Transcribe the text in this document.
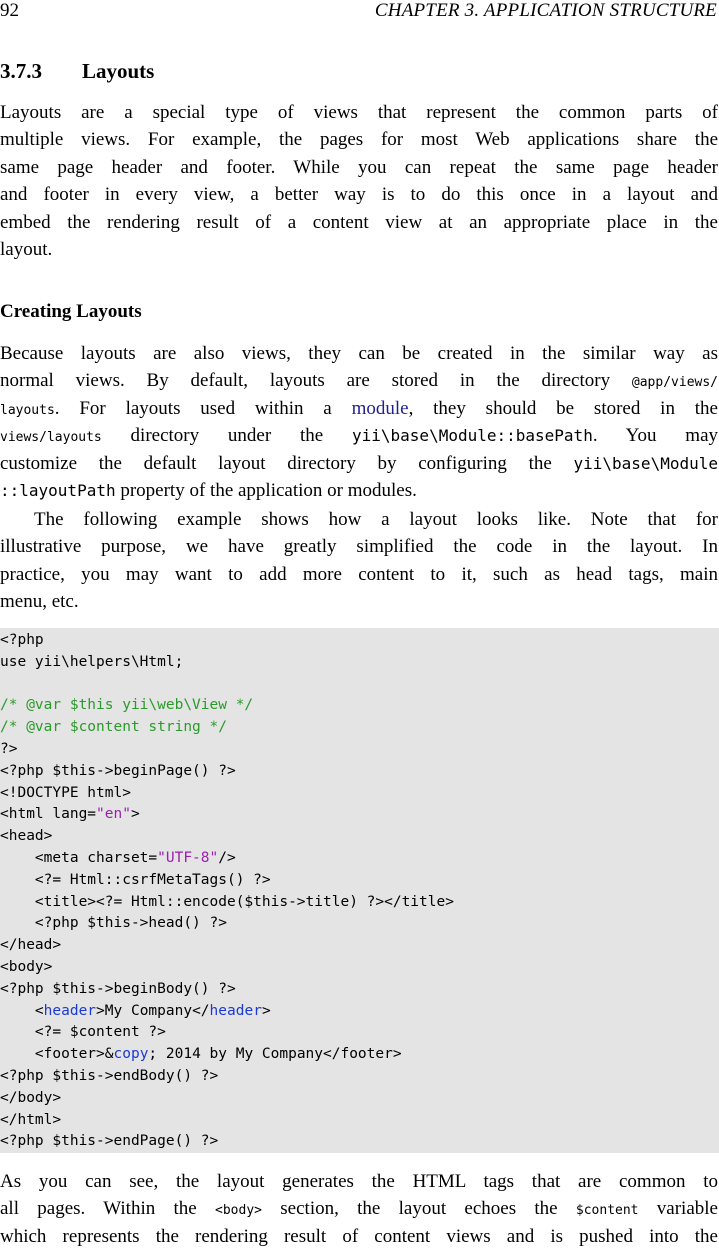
92	CHAPTER 3. APPLICATION STRUCTURE
3.7.3 Layouts
Layouts are a special type of views that represent the common parts of
multiple views. For example, the pages for most Web applications share the
same page header and footer. While you can repeat the same page header
and footer in every view, a better way is to do this once in a layout and
embed the rendering result of a content view at an appropriate place in the
layout.
Creating Layouts
Because layouts are also views, they can be created in the similar way as
normal views. By default, layouts are stored in the directory @app/views/
layouts. For layouts used within a module, they should be stored in the
views/layouts directory under the yii\base\Module::basePath. You may
customize the default layout directory by configuring the yii\base\Module
::layoutPath property of the application or modules.
The following example shows how a layout looks like. Note that for
illustrative purpose, we have greatly simplified the code in the layout. In
practice, you may want to add more content to it, such as head tags, main
menu, etc.
<?php
use yii\helpers\Html;
/* @var $this yii\web\View */
/* @var $content string */
?>
<?php $this->beginPage() ?>
<!DOCTYPE html>
<html lang="en">
<head>
<meta charset="UTF-8"/>
<?= Html::csrfMetaTags() ?>
<title><?= Html::encode($this->title) ?></title>
<?php $this->head() ?>
</head>
<body>
<?php $this->beginBody() ?>
<header>My Company</header>
<?= $content ?>
<footer>&copy; 2014 by My Company</footer>
<?php $this->endBody() ?>
</body>
</html>
<?php $this->endPage() ?>
As you can see, the layout generates the HTML tags that are common to
all pages. Within the <body> section, the layout echoes the $content variable
which represents the rendering result of content views and is pushed into the
